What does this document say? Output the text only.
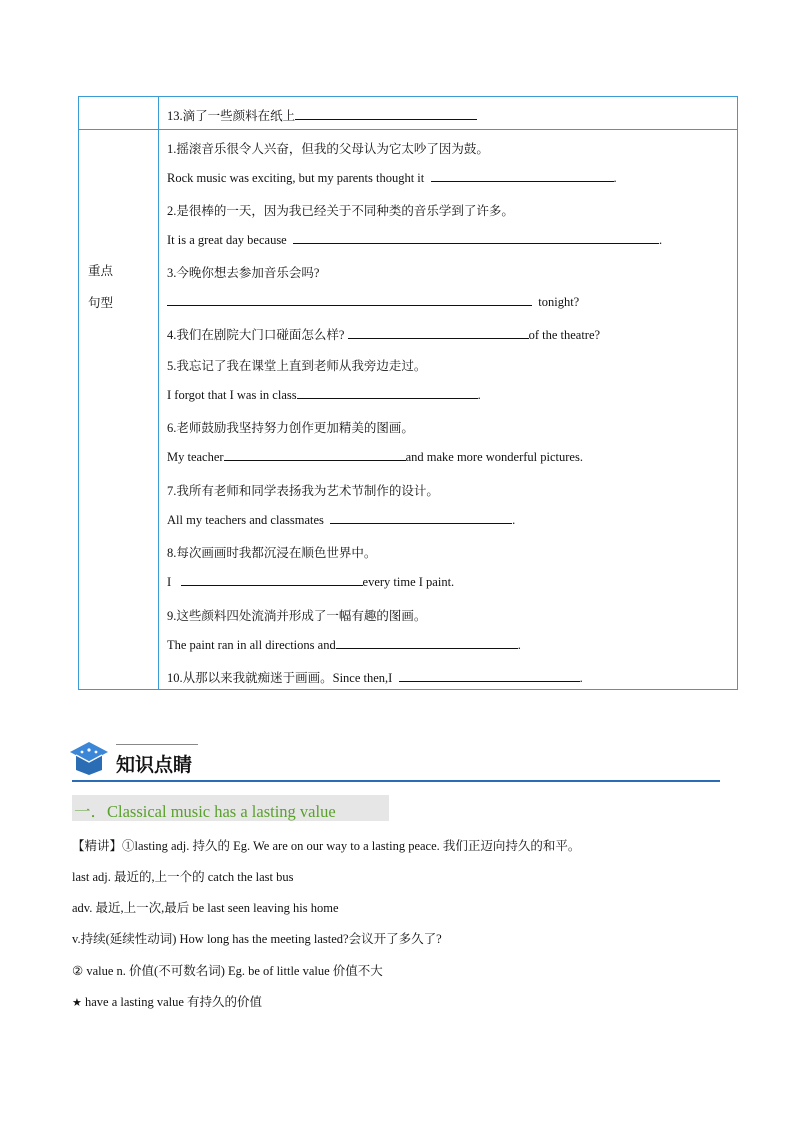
13.滴了一些颜料在纸上
重点
句型
1.摇滚音乐很令人兴奋，但我的父母认为它太吵了因为鼓。
Rock music was exciting, but my parents thought it	.
2.是很棒的一天，因为我已经关于不同种类的音乐学到了许多。
It is a great day because	.
3.今晚你想去参加音乐会吗?
tonight?
4.我们在剧院大门口碰面怎么样?	of the theatre?
5.我忘记了我在课堂上直到老师从我旁边走过。
I forgot that I was in class	.
6.老师鼓励我坚持努力创作更加精美的图画。
My teacher	and make more wonderful pictures.
7.我所有老师和同学表扬我为艺术节制作的设计。
All my teachers and classmates	.
8.每次画画时我都沉浸在顺色世界中。
I	every time I paint.
9.这些颜料四处流淌并形成了一幅有趣的图画。
The paint ran in all directions and	.
10.从那以来我就痴迷于画画。Since then,I	.
知识点睛
一．Classical music has a lasting value
【精讲】①lasting adj. 持久的 Eg. We are on our way to a lasting peace. 我们正迈向持久的和平。
last adj. 最近的,上一个的 catch the last bus
adv. 最近,上一次,最后 be last seen leaving his home
v.持续(延续性动词) How long has the meeting lasted?会议开了多久了?
② value n. 价值(不可数名词) Eg. be of little value 价值不大
★ have a lasting value 有持久的价值
